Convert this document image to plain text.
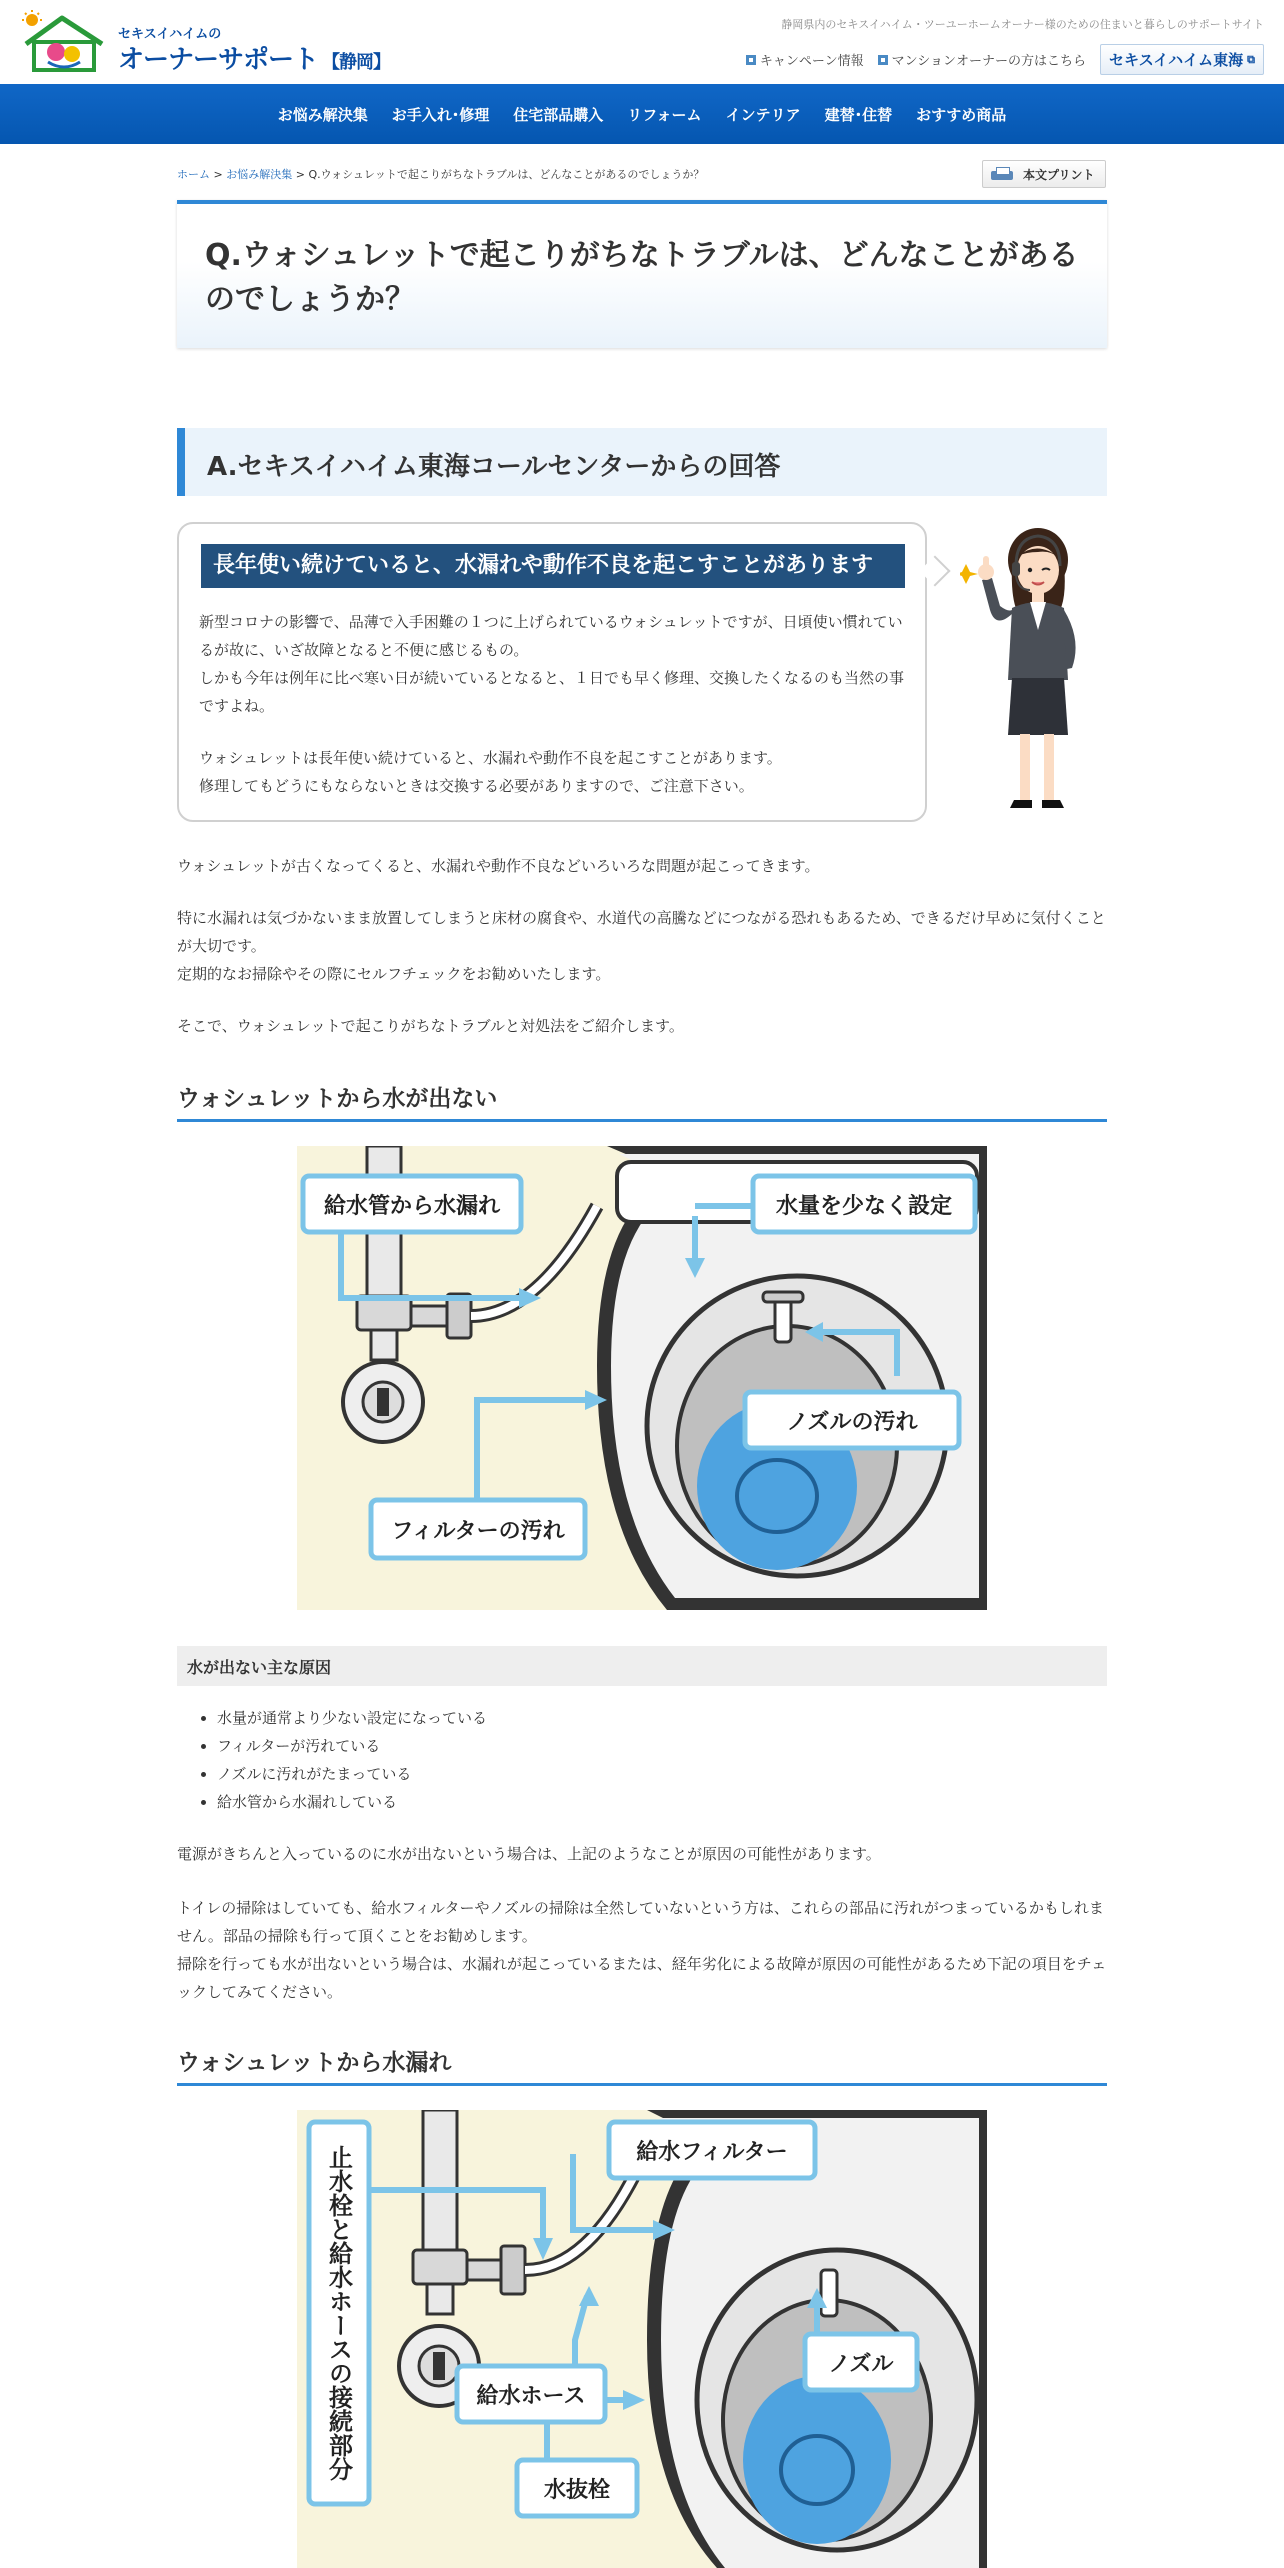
セキスイハイムの
オーナーサポート 【静岡】
静岡県内のセキスイハイム・ツーユーホームオーナー様のための住まいと暮らしのサポートサイト
キャンペーン情報 マンションオーナーの方はこちら セキスイハイム東海 ⧉
お悩み解決集	お手入れ･修理	住宅部品購入	リフォーム	インテリア	建替･住替	おすすめ商品
ホーム > お悩み解決集 > Q.ウォシュレットで起こりがちなトラブルは、どんなことがあるのでしょうか？	本文プリント
Q.ウォシュレットで起こりがちなトラブルは、どんなことがあるのでしょうか？
A.セキスイハイム東海コールセンターからの回答
長年使い続けていると、水漏れや動作不良を起こすことがあります
新型コロナの影響で、品薄で入手困難の１つに上げられているウォシュレットですが、日頃使い慣れているが故に、いざ故障となると不便に感じるもの。
しかも今年は例年に比べ寒い日が続いているとなると、１日でも早く修理、交換したくなるのも当然の事ですよね。
ウォシュレットは長年使い続けていると、水漏れや動作不良を起こすことがあります。
修理してもどうにもならないときは交換する必要がありますので、ご注意下さい。
ウォシュレットが古くなってくると、水漏れや動作不良などいろいろな問題が起こってきます。
特に水漏れは気づかないまま放置してしまうと床材の腐食や、水道代の高騰などにつながる恐れもあるため、できるだけ早めに気付くことが大切です。
定期的なお掃除やその際にセルフチェックをお勧めいたします。
そこで、ウォシュレットで起こりがちなトラブルと対処法をご紹介します。
ウォシュレットから水が出ない
給水管から水漏れ	水量を少なく設定
ノズルの汚れ
フィルターの汚れ
水が出ない主な原因
• 水量が通常より少ない設定になっている
• フィルターが汚れている
• ノズルに汚れがたまっている
• 給水管から水漏れしている
電源がきちんと入っているのに水が出ないという場合は、上記のようなことが原因の可能性があります。
トイレの掃除はしていても、給水フィルターやノズルの掃除は全然していないという方は、これらの部品に汚れがつまっているかもしれません。部品の掃除も行って頂くことをお勧めします。
掃除を行っても水が出ないという場合は、水漏れが起こっているまたは、経年劣化による故障が原因の可能性があるため下記の項目をチェックしてみてください。
ウォシュレットから水漏れ
止水栓と給水ホースの接続部分	給水フィルター
給水ホース
ノズル
水抜栓
